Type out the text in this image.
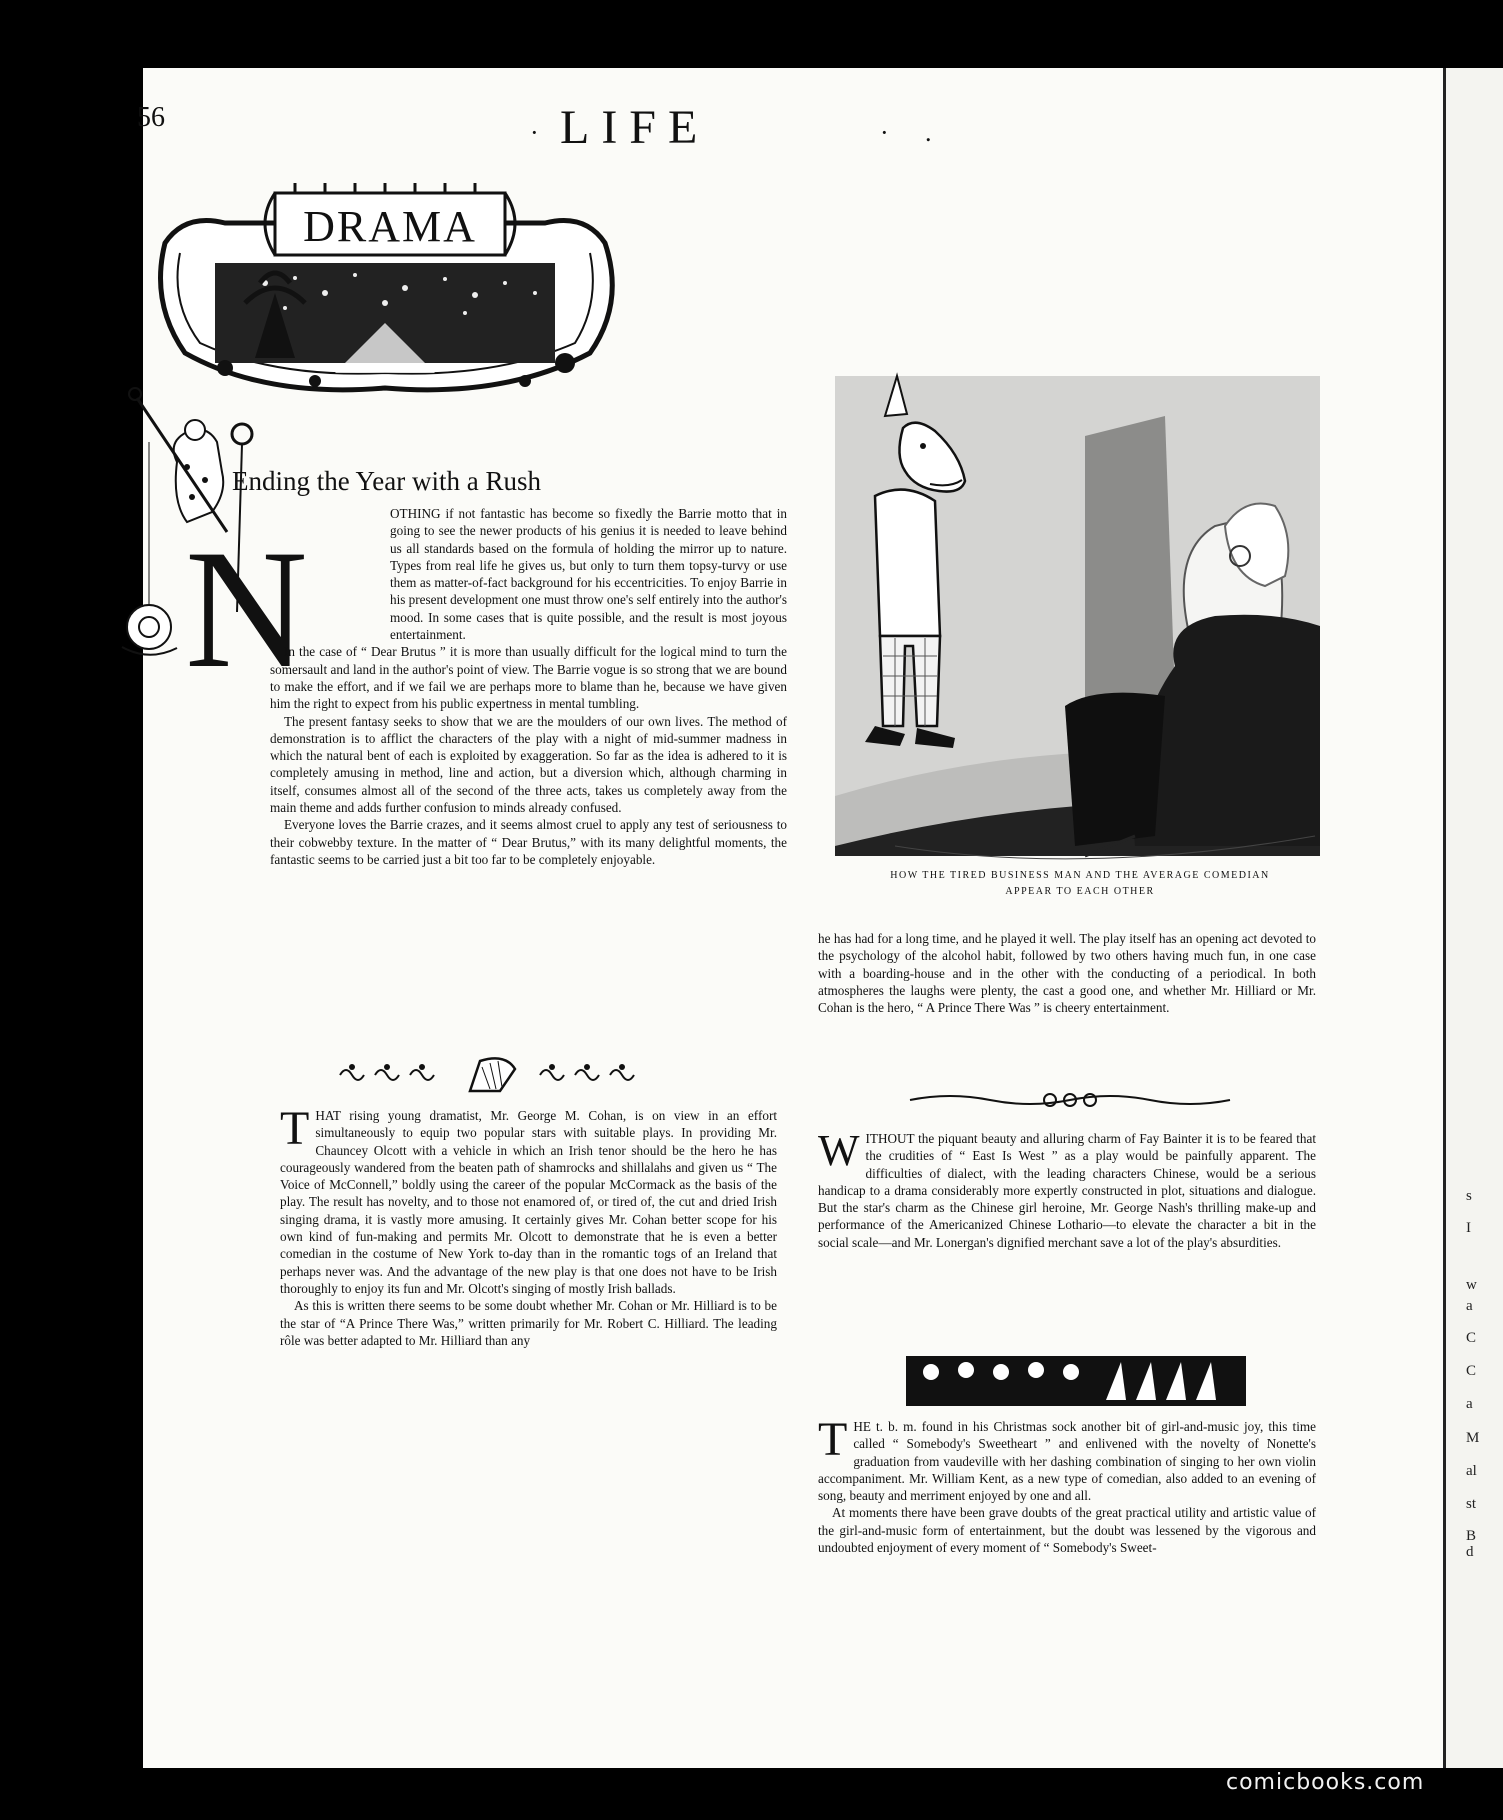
s
I
w
a
C
C
a
M
al
st
B
d
56	· LIFE	· .
DRAMA
N
Ending the Year with a Rush

OTHING if not fantastic has become so fixedly the Barrie motto that in going to see the newer products of his genius it is needed to leave behind us all standards based on the formula of holding the mirror up to nature. Types from real life he gives us, but only to turn them topsy-turvy or use them as matter-of-fact background for his eccentricities. To enjoy Barrie in his present development one must throw one's self entirely into the author's mood. In some cases that is quite possible, and the result is most joyous entertainment.

In the case of “ Dear Brutus ” it is more than usually difficult for the logical mind to turn the somersault and land in the author's point of view. The Barrie vogue is so strong that we are bound to make the effort, and if we fail we are perhaps more to blame than he, because we have given him the right to expect from his public expertness in mental tumbling.

The present fantasy seeks to show that we are the moulders of our own lives. The method of demonstration is to afflict the characters of the play with a night of mid-summer madness in which the natural bent of each is exploited by exaggeration. So far as the idea is adhered to it is completely amusing in method, line and action, but a diversion which, although charming in itself, consumes almost all of the second of the three acts, takes us completely away from the main theme and adds further confusion to minds already confused.

Everyone loves the Barrie crazes, and it seems almost cruel to apply any test of seriousness to their cobwebby texture. In the matter of “ Dear Brutus,” with its many delightful moments, the fantastic seems to be carried just a bit too far to be completely enjoyable.

T HAT rising young dramatist, Mr. George M. Cohan, is on view in an effort simultaneously to equip two popular stars with suitable plays. In providing Mr. Chauncey Olcott with a vehicle in which an Irish tenor should be the hero he has courageously wandered from the beaten path of shamrocks and shillalahs and given us “ The Voice of McConnell,” boldly using the career of the popular McCormack as the basis of the play. The result has novelty, and to those not enamored of, or tired of, the cut and dried Irish singing drama, it is vastly more amusing. It certainly gives Mr. Cohan better scope for his own kind of fun-making and permits Mr. Olcott to demonstrate that he is even a better comedian in the costume of New York to-day than in the romantic togs of an Ireland that perhaps never was. And the advantage of the new play is that one does not have to be Irish thoroughly to enjoy its fun and Mr. Olcott's singing of mostly Irish ballads.

As this is written there seems to be some doubt whether Mr. Cohan or Mr. Hilliard is to be the star of “A Prince There Was,” written primarily for Mr. Robert C. Hilliard. The leading rôle was better adapted to Mr. Hilliard than any

HOW THE TIRED BUSINESS MAN AND THE AVERAGE COMEDIAN
APPEAR TO EACH OTHER

he has had for a long time, and he played it well. The play itself has an opening act devoted to the psychology of the alcohol habit, followed by two others having much fun, in one case with a boarding-house and in the other with the conducting of a periodical. In both atmospheres the laughs were plenty, the cast a good one, and whether Mr. Hilliard or Mr. Cohan is the hero, “ A Prince There Was ” is cheery entertainment.

W ITHOUT the piquant beauty and alluring charm of Fay Bainter it is to be feared that the crudities of “ East Is West ” as a play would be painfully apparent. The difficulties of dialect, with the leading characters Chinese, would be a serious handicap to a drama considerably more expertly constructed in plot, situations and dialogue. But the star's charm as the Chinese girl heroine, Mr. George Nash's thrilling make-up and performance of the Americanized Chinese Lothario—to elevate the character a bit in the social scale—and Mr. Lonergan's dignified merchant save a lot of the play's absurdities.

T HE t. b. m. found in his Christmas sock another bit of girl-and-music joy, this time called “ Somebody's Sweetheart ” and enlivened with the novelty of Nonette's graduation from vaudeville with her dashing combination of singing to her own violin accompaniment. Mr. William Kent, as a new type of comedian, also added to an evening of song, beauty and merriment enjoyed by one and all.

At moments there have been grave doubts of the great practical utility and artistic value of the girl-and-music form of entertainment, but the doubt was lessened by the vigorous and undoubted enjoyment of every moment of “ Somebody's Sweet-

comicbooks.com
